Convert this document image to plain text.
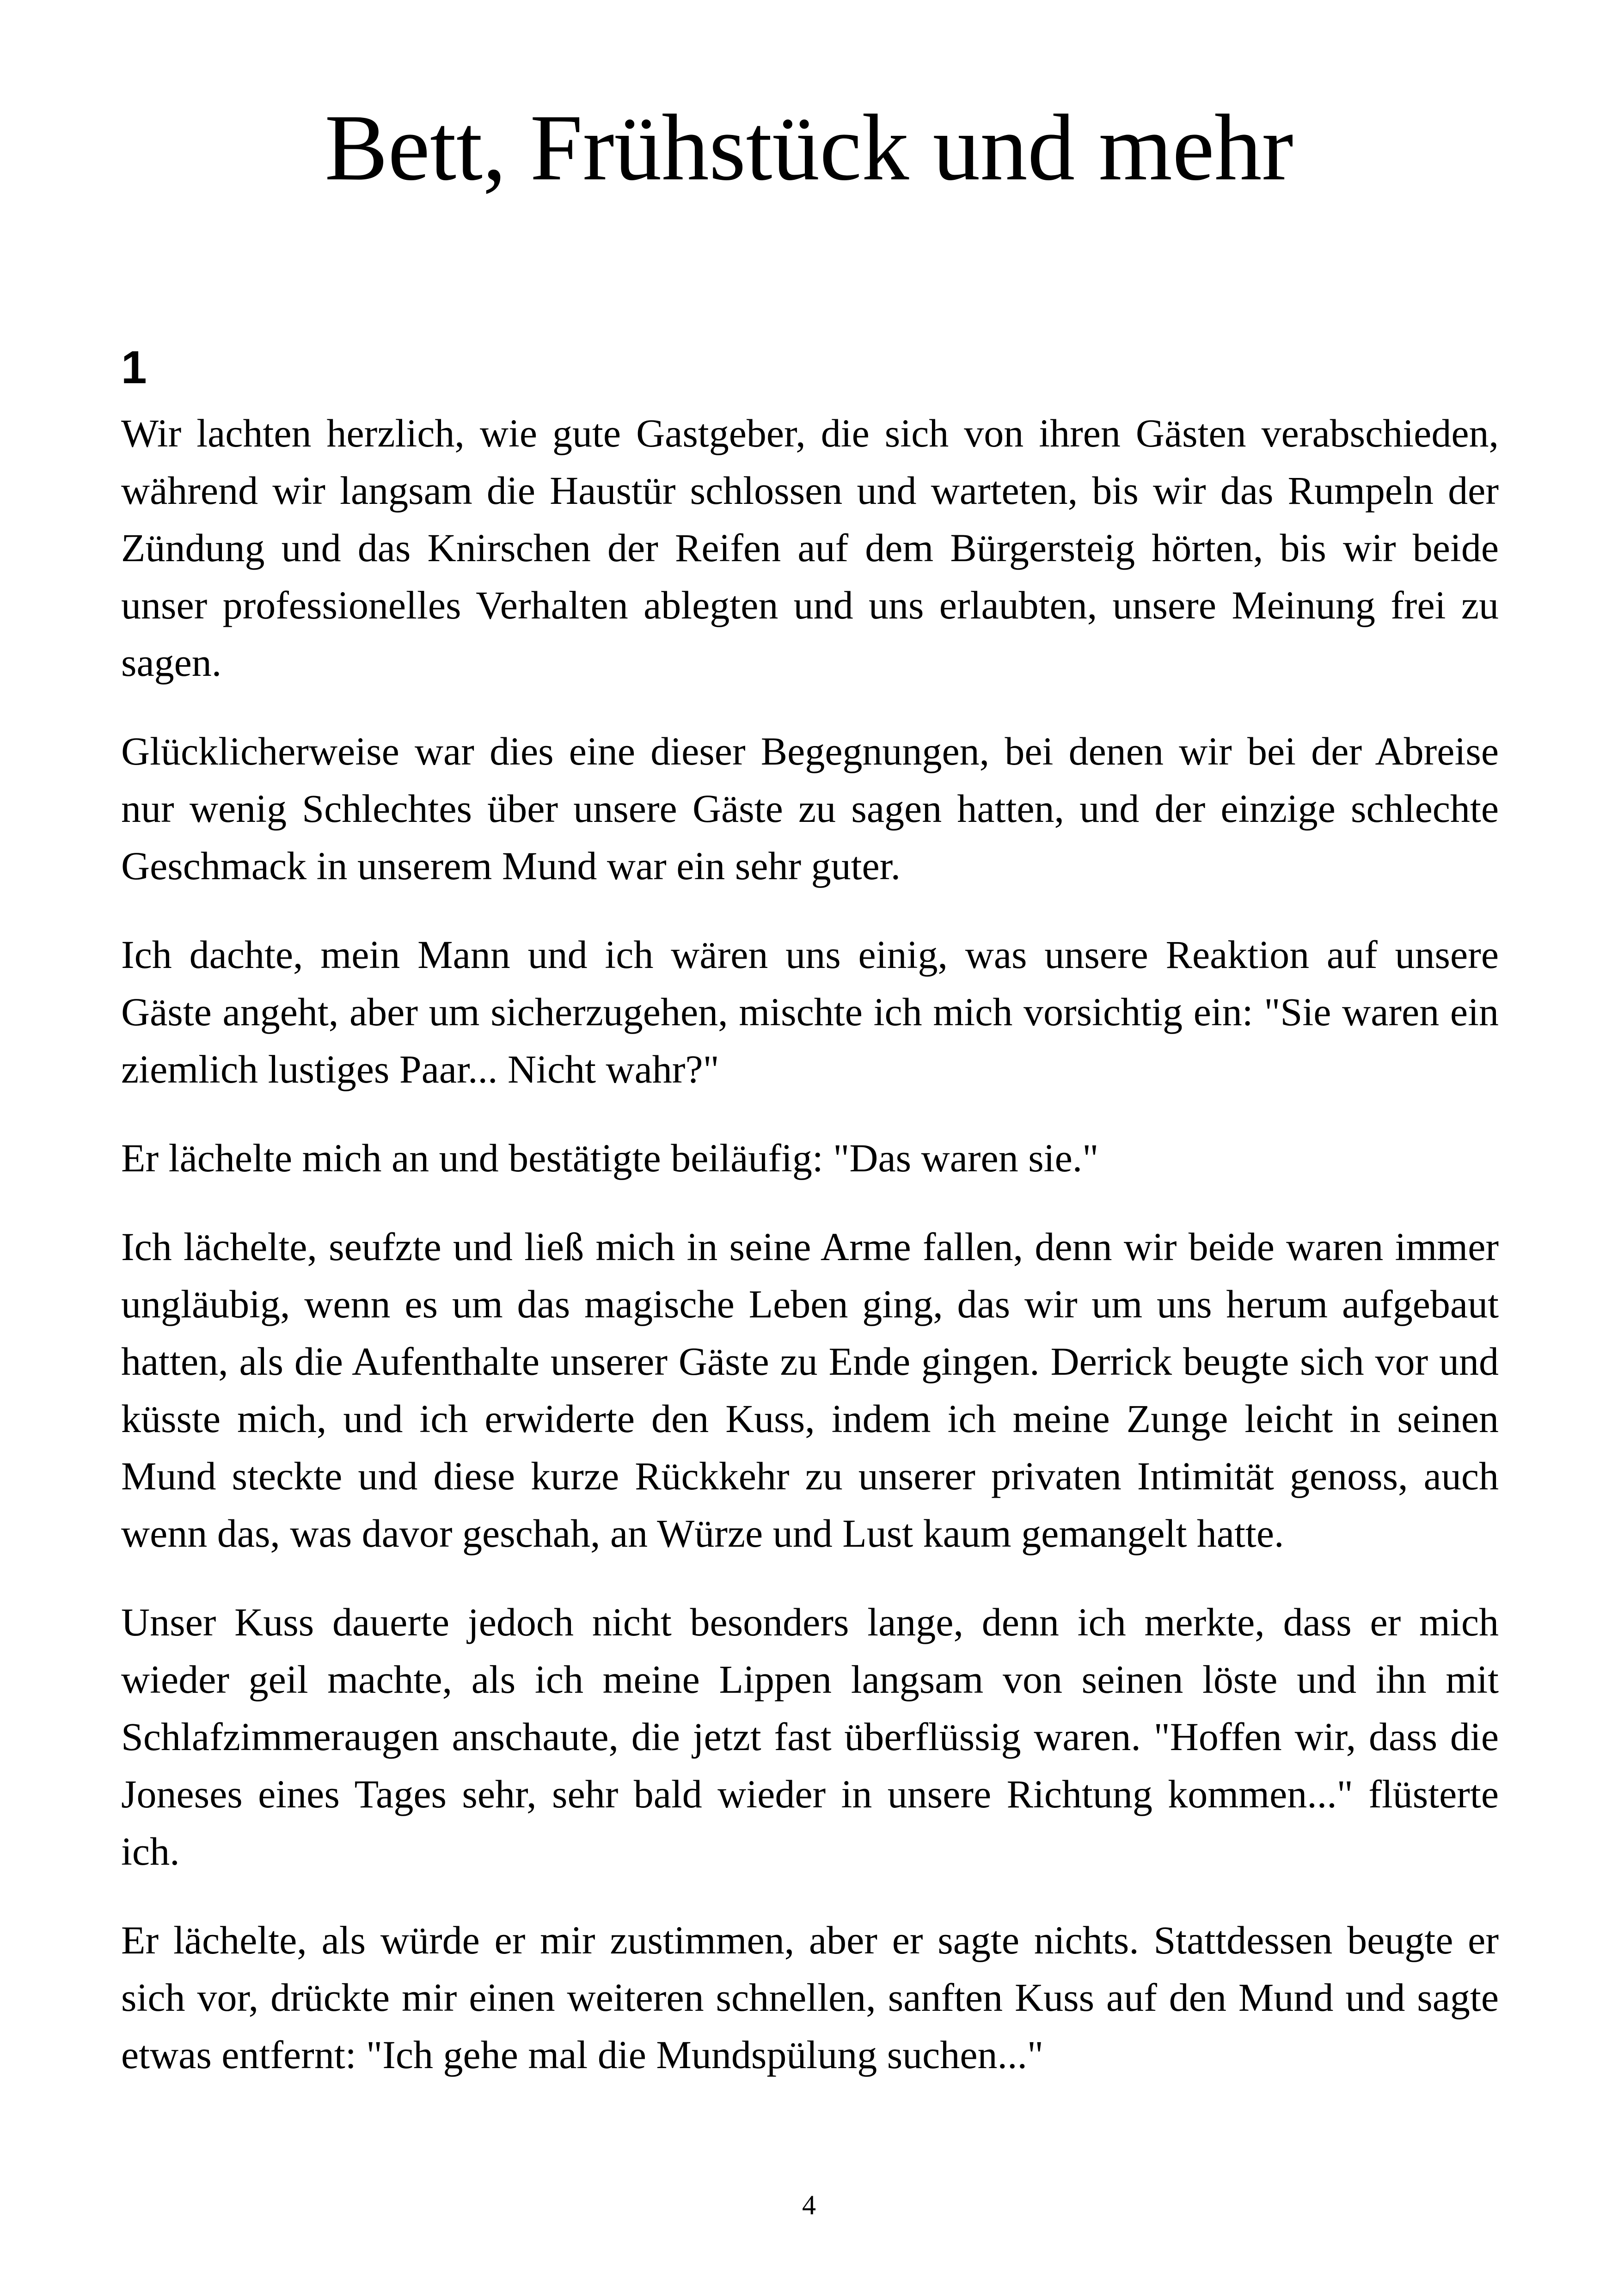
Bett, Frühstück und mehr
1

Wir lachten herzlich, wie gute Gastgeber, die sich von ihren Gästen verabschieden, während wir langsam die Haustür schlossen und warteten, bis wir das Rumpeln der Zündung und das Knirschen der Reifen auf dem Bürgersteig hörten, bis wir beide unser professionelles Verhalten ablegten und uns erlaubten, unsere Meinung frei zu sagen.

Glücklicherweise war dies eine dieser Begegnungen, bei denen wir bei der Abreise nur wenig Schlechtes über unsere Gäste zu sagen hatten, und der einzige schlechte Geschmack in unserem Mund war ein sehr guter.

Ich dachte, mein Mann und ich wären uns einig, was unsere Reaktion auf unsere Gäste angeht, aber um sicherzugehen, mischte ich mich vorsichtig ein: "Sie waren ein ziemlich lustiges Paar... Nicht wahr?"

Er lächelte mich an und bestätigte beiläufig: "Das waren sie."

Ich lächelte, seufzte und ließ mich in seine Arme fallen, denn wir beide waren immer ungläubig, wenn es um das magische Leben ging, das wir um uns herum aufgebaut hatten, als die Aufenthalte unserer Gäste zu Ende gingen. Derrick beugte sich vor und küsste mich, und ich erwiderte den Kuss, indem ich meine Zunge leicht in seinen Mund steckte und diese kurze Rückkehr zu unserer privaten Intimität genoss, auch wenn das, was davor geschah, an Würze und Lust kaum gemangelt hatte.

Unser Kuss dauerte jedoch nicht besonders lange, denn ich merkte, dass er mich wieder geil machte, als ich meine Lippen langsam von seinen löste und ihn mit Schlafzimmeraugen anschaute, die jetzt fast überflüssig waren. "Hoffen wir, dass die Joneses eines Tages sehr, sehr bald wieder in unsere Richtung kommen..." flüsterte ich.

Er lächelte, als würde er mir zustimmen, aber er sagte nichts. Stattdessen beugte er sich vor, drückte mir einen weiteren schnellen, sanften Kuss auf den Mund und sagte etwas entfernt: "Ich gehe mal die Mundspülung suchen..."

4
